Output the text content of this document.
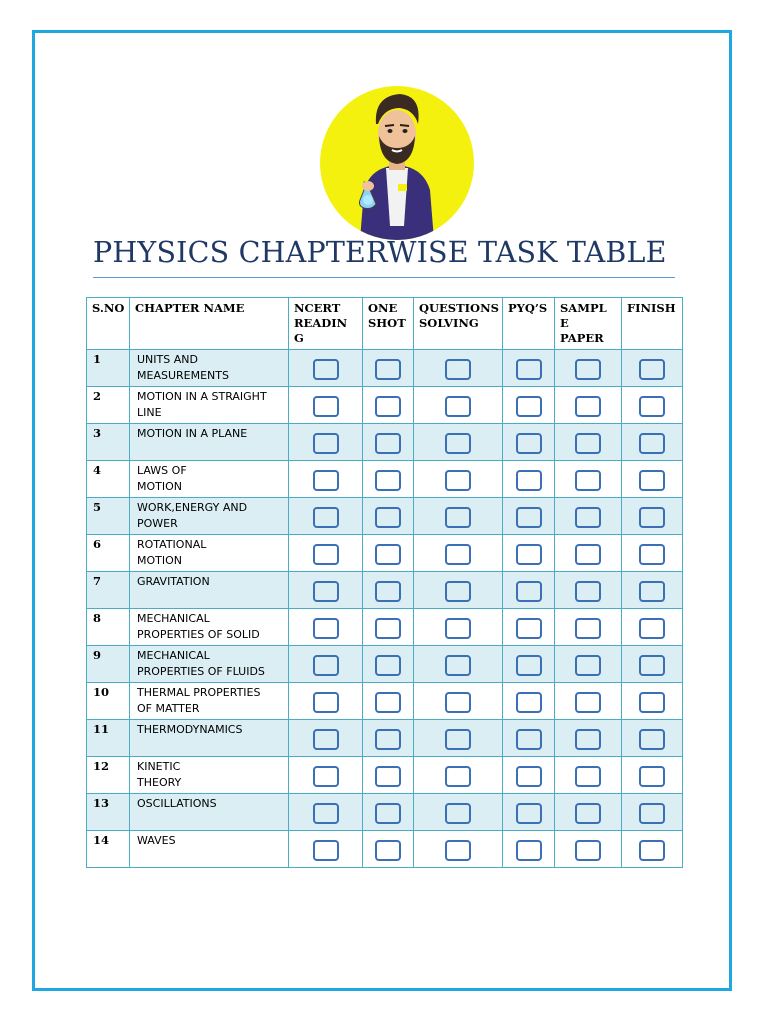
PHYSICS CHAPTERWISE TASK TABLE
S.NO	CHAPTER NAME	NCERT
READIN
G	ONE
SHOT	QUESTIONS
SOLVING	PYQ’S	SAMPL
E
PAPER	FINISH
1	UNITS AND
MEASUREMENTS						
2	MOTION IN A STRAIGHT
LINE						
3	MOTION IN A PLANE						
4	LAWS OF
MOTION						
5	WORK,ENERGY AND
POWER						
6	ROTATIONAL
MOTION						
7	GRAVITATION						
8	MECHANICAL
PROPERTIES OF SOLID						
9	MECHANICAL
PROPERTIES OF FLUIDS						
10	THERMAL PROPERTIES
OF MATTER						
11	THERMODYNAMICS						
12	KINETIC
THEORY						
13	OSCILLATIONS						
14	WAVES						
